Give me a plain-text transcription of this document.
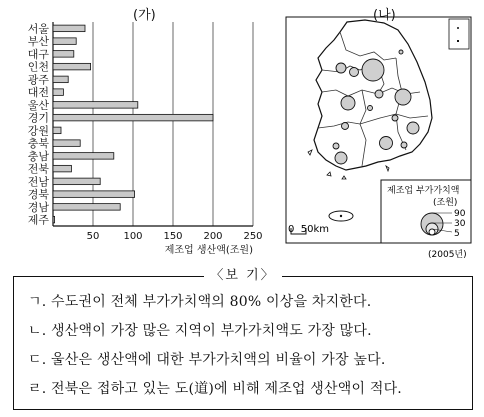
(가)	(나)
서울
부산
대구
인천
광주
대전
울산
경기
강원
충북
충남
전북
전남
경북
경남
제주
50 100 150 200 250
제조업 생산액(조원)
제조업 부가가치액
(조원)
90
30
5
0  50km
(2005년)
〈보 기〉
ㄱ. 수도권이 전체 부가가치액의 80% 이상을 차지한다.
ㄴ. 생산액이 가장 많은 지역이 부가가치액도 가장 많다.
ㄷ. 울산은 생산액에 대한 부가가치액의 비율이 가장 높다.
ㄹ. 전북은 접하고 있는 도(道)에 비해 제조업 생산액이 적다.
